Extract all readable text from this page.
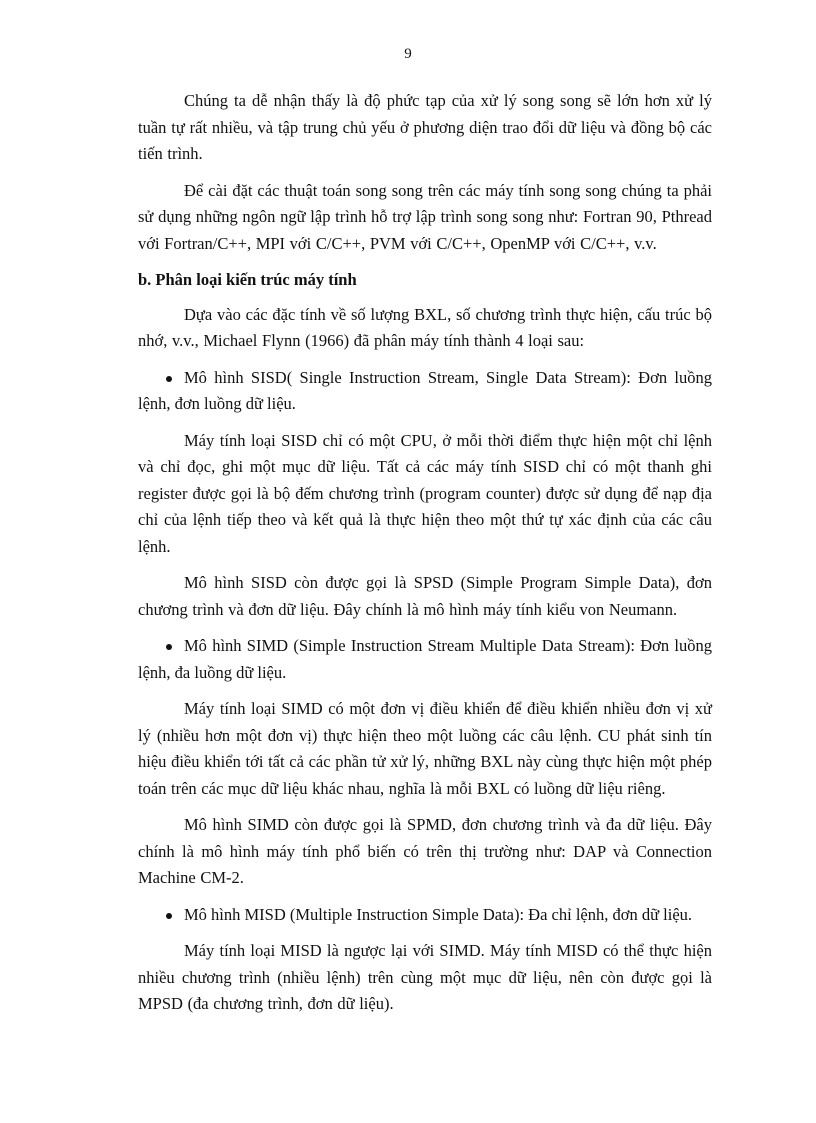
9

Chúng ta dễ nhận thấy là độ phức tạp của xử lý song song sẽ lớn hơn xử lý tuần tự rất nhiều, và tập trung chủ yếu ở phương diện trao đổi dữ liệu và đồng bộ các tiến trình.

Để cài đặt các thuật toán song song trên các máy tính song song chúng ta phải sử dụng những ngôn ngữ lập trình hỗ trợ lập trình song song như: Fortran 90, Pthread với Fortran/C++, MPI với C/C++, PVM với C/C++, OpenMP với C/C++, v.v.

b. Phân loại kiến trúc máy tính

Dựa vào các đặc tính về số lượng BXL, số chương trình thực hiện, cấu trúc bộ nhớ, v.v., Michael Flynn (1966) đã phân máy tính thành 4 loại sau:

Mô hình SISD( Single Instruction Stream, Single Data Stream): Đơn luồng lệnh, đơn luồng dữ liệu.

Máy tính loại SISD chỉ có một CPU, ở mỗi thời điểm thực hiện một chỉ lệnh và chỉ đọc, ghi một mục dữ liệu. Tất cả các máy tính SISD chỉ có một thanh ghi register được gọi là bộ đếm chương trình (program counter) được sử dụng để nạp địa chỉ của lệnh tiếp theo và kết quả là thực hiện theo một thứ tự xác định của các câu lệnh.

Mô hình SISD còn được gọi là SPSD (Simple Program Simple Data), đơn chương trình và đơn dữ liệu. Đây chính là mô hình máy tính kiểu von Neumann.

Mô hình SIMD (Simple Instruction Stream Multiple Data Stream): Đơn luồng lệnh, đa luồng dữ liệu.

Máy tính loại SIMD có một đơn vị điều khiển để điều khiển nhiều đơn vị xử lý (nhiều hơn một đơn vị) thực hiện theo một luồng các câu lệnh. CU phát sinh tín hiệu điều khiển tới tất cả các phần tử xử lý, những BXL này cùng thực hiện một phép toán trên các mục dữ liệu khác nhau, nghĩa là mỗi BXL có luồng dữ liệu riêng.

Mô hình SIMD còn được gọi là SPMD, đơn chương trình và đa dữ liệu. Đây chính là mô hình máy tính phổ biến có trên thị trường như: DAP và Connection Machine CM-2.

Mô hình MISD (Multiple Instruction Simple Data): Đa chỉ lệnh, đơn dữ liệu.

Máy tính loại MISD là ngược lại với SIMD. Máy tính MISD có thể thực hiện nhiều chương trình (nhiều lệnh) trên cùng một mục dữ liệu, nên còn được gọi là MPSD (đa chương trình, đơn dữ liệu).
